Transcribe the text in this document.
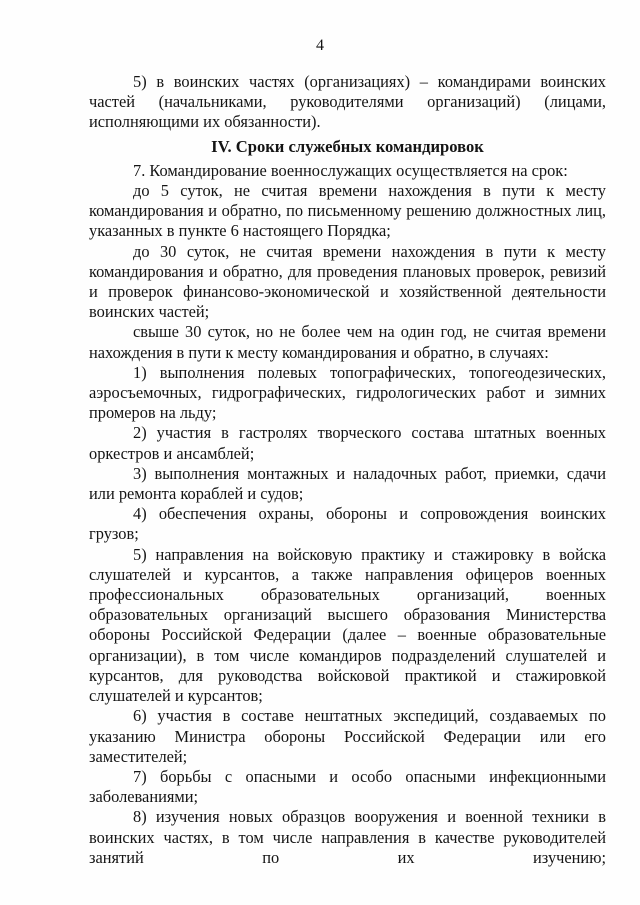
4

5) в воинских частях (организациях) – командирами воинских частей (начальниками, руководителями организаций) (лицами, исполняющими их обязанности).

IV. Сроки служебных командировок

7. Командирование военнослужащих осуществляется на срок:

до 5 суток, не считая времени нахождения в пути к месту командирования и обратно, по письменному решению должностных лиц, указанных в пункте 6 настоящего Порядка;

до 30 суток, не считая времени нахождения в пути к месту командирования и обратно, для проведения плановых проверок, ревизий и проверок финансово-экономической и хозяйственной деятельности воинских частей;

свыше 30 суток, но не более чем на один год, не считая времени нахождения в пути к месту командирования и обратно, в случаях:

1) выполнения полевых топографических, топогеодезических, аэросъемочных, гидрографических, гидрологических работ и зимних промеров на льду;

2) участия в гастролях творческого состава штатных военных оркестров и ансамблей;

3) выполнения монтажных и наладочных работ, приемки, сдачи или ремонта кораблей и судов;

4) обеспечения охраны, обороны и сопровождения воинских грузов;

5) направления на войсковую практику и стажировку в войска слушателей и курсантов, а также направления офицеров военных профессиональных образовательных организаций, военных образовательных организаций высшего образования Министерства обороны Российской Федерации (далее – военные образовательные организации), в том числе командиров подразделений слушателей и курсантов, для руководства войсковой практикой и стажировкой слушателей и курсантов;

6) участия в составе нештатных экспедиций, создаваемых по указанию Министра обороны Российской Федерации или его заместителей;

7) борьбы с опасными и особо опасными инфекционными заболеваниями;

8) изучения новых образцов вооружения и военной техники в воинских частях, в том числе направления в качестве руководителей занятий по их изучению;
